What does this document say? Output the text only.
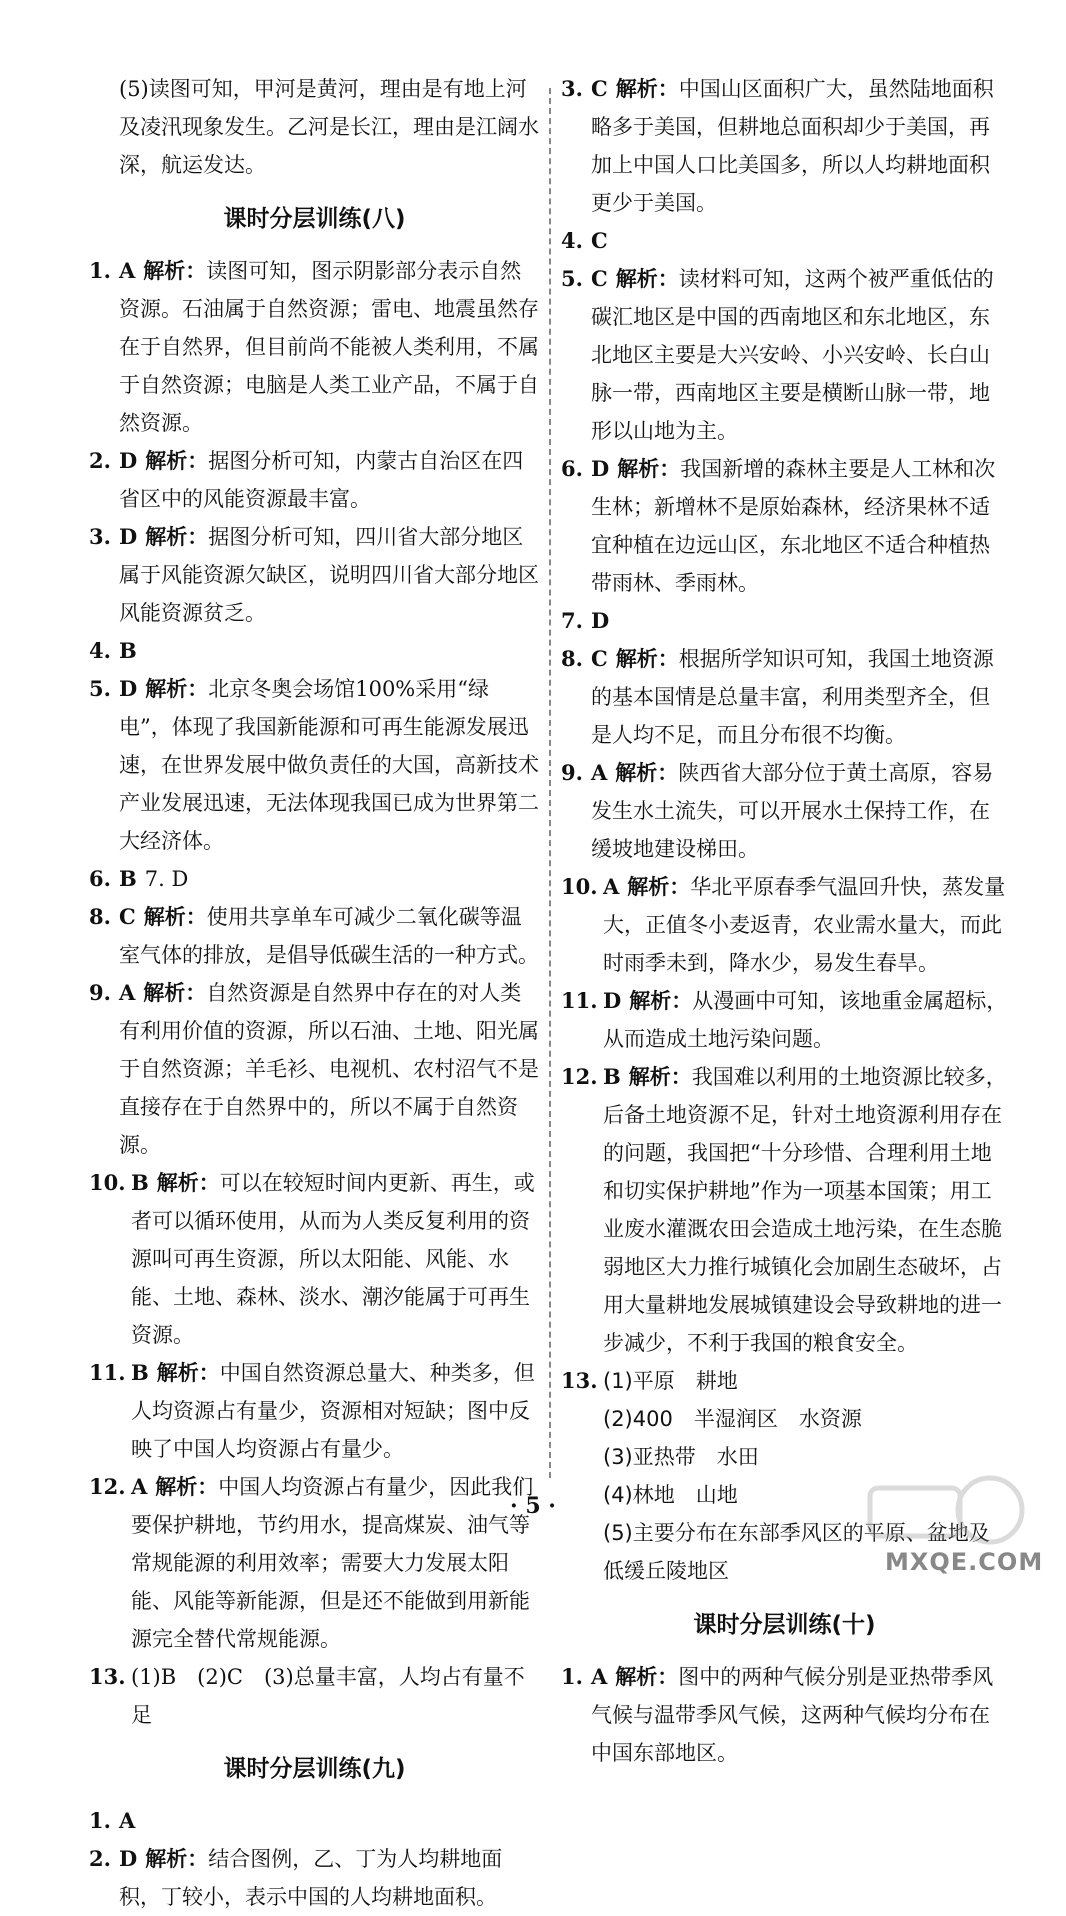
(5)读图可知，甲河是黄河，理由是有地上河及凌汛现象发生。乙河是长江，理由是江阔水深，航运发达。
课时分层训练(八)
1. A 解析：读图可知，图示阴影部分表示自然资源。石油属于自然资源；雷电、地震虽然存在于自然界，但目前尚不能被人类利用，不属于自然资源；电脑是人类工业产品，不属于自然资源。
2. D 解析：据图分析可知，内蒙古自治区在四省区中的风能资源最丰富。
3. D 解析：据图分析可知，四川省大部分地区属于风能资源欠缺区，说明四川省大部分地区风能资源贫乏。
4. B
5. D 解析：北京冬奥会场馆100%采用“绿电”，体现了我国新能源和可再生能源发展迅速，在世界发展中做负责任的大国，高新技术产业发展迅速，无法体现我国已成为世界第二大经济体。
6. B 7. D
8. C 解析：使用共享单车可减少二氧化碳等温室气体的排放，是倡导低碳生活的一种方式。
9. A 解析：自然资源是自然界中存在的对人类有利用价值的资源，所以石油、土地、阳光属于自然资源；羊毛衫、电视机、农村沼气不是直接存在于自然界中的，所以不属于自然资源。
10. B 解析：可以在较短时间内更新、再生，或者可以循环使用，从而为人类反复利用的资源叫可再生资源，所以太阳能、风能、水能、土地、森林、淡水、潮汐能属于可再生资源。
11. B 解析：中国自然资源总量大、种类多，但人均资源占有量少，资源相对短缺；图中反映了中国人均资源占有量少。
12. A 解析：中国人均资源占有量少，因此我们要保护耕地，节约用水，提高煤炭、油气等常规能源的利用效率；需要大力发展太阳能、风能等新能源，但是还不能做到用新能源完全替代常规能源。
13. (1)B　(2)C　(3)总量丰富，人均占有量不足
课时分层训练(九)
1. A
2. D 解析：结合图例，乙、丁为人均耕地面积，丁较小，表示中国的人均耕地面积。
3. C 解析：中国山区面积广大，虽然陆地面积略多于美国，但耕地总面积却少于美国，再加上中国人口比美国多，所以人均耕地面积更少于美国。
4. C
5. C 解析：读材料可知，这两个被严重低估的碳汇地区是中国的西南地区和东北地区，东北地区主要是大兴安岭、小兴安岭、长白山脉一带，西南地区主要是横断山脉一带，地形以山地为主。
6. D 解析：我国新增的森林主要是人工林和次生林；新增林不是原始森林，经济果林不适宜种植在边远山区，东北地区不适合种植热带雨林、季雨林。
7. D
8. C 解析：根据所学知识可知，我国土地资源的基本国情是总量丰富，利用类型齐全，但是人均不足，而且分布很不均衡。
9. A 解析：陕西省大部分位于黄土高原，容易发生水土流失，可以开展水土保持工作，在缓坡地建设梯田。
10. A 解析：华北平原春季气温回升快，蒸发量大，正值冬小麦返青，农业需水量大，而此时雨季未到，降水少，易发生春旱。
11. D 解析：从漫画中可知，该地重金属超标，从而造成土地污染问题。
12. B 解析：我国难以利用的土地资源比较多，后备土地资源不足，针对土地资源利用存在的问题，我国把“十分珍惜、合理利用土地和切实保护耕地”作为一项基本国策；用工业废水灌溉农田会造成土地污染，在生态脆弱地区大力推行城镇化会加剧生态破坏，占用大量耕地发展城镇建设会导致耕地的进一步减少，不利于我国的粮食安全。
13. (1)平原　耕地
(2)400　半湿润区　水资源
(3)亚热带　水田
(4)林地　山地
(5)主要分布在东部季风区的平原、盆地及低缓丘陵地区
课时分层训练(十)
1. A 解析：图中的两种气候分别是亚热带季风气候与温带季风气候，这两种气候均分布在中国东部地区。
· 5 ·
MXQE.COM
